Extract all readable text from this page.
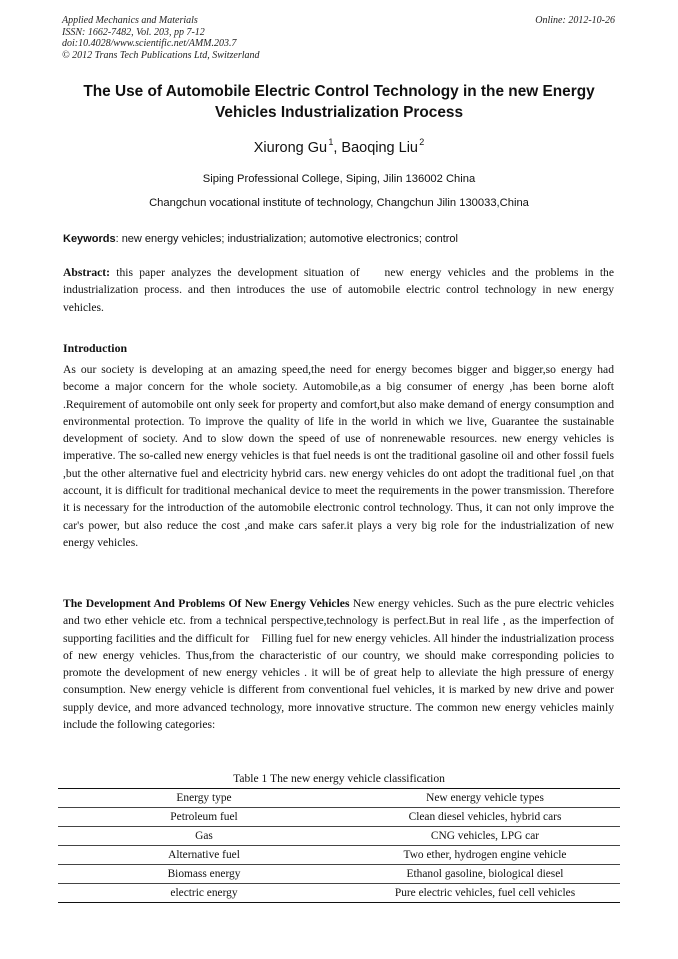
Applied Mechanics and Materials
ISSN: 1662-7482, Vol. 203, pp 7-12
doi:10.4028/www.scientific.net/AMM.203.7
© 2012 Trans Tech Publications Ltd, Switzerland
Online: 2012-10-26
The Use of Automobile Electric Control Technology in the new Energy
Vehicles Industrialization Process
Xiurong Gu $^1$, Baoqing Liu $^2$
Siping Professional College, Siping, Jilin 136002 China
Changchun vocational institute of technology, Changchun Jilin 130033,China
Keywords: new energy vehicles; industrialization; automotive electronics; control
Abstract: this paper analyzes the development situation of    new energy vehicles and the problems in the industrialization process. and then introduces the use of automobile electric control technology in new energy vehicles.
Introduction
As our society is developing at an amazing speed,the need for energy becomes bigger and bigger,so energy had become a major concern for the whole society. Automobile,as a big consumer of energy ,has been borne aloft .Requirement of automobile ont only seek for property and comfort,but also make demand of energy consumption and environmental protection. To improve the quality of life in the world in which we live, Guarantee the sustainable development of society. And to slow down the speed of use of nonrenewable resources. new energy vehicles is imperative. The so-called new energy vehicles is that fuel needs is ont the traditional gasoline oil and other fossil fuels ,but the other alternative fuel and electricity hybrid cars. new energy vehicles do ont adopt the traditional fuel ,on that account, it is difficult for traditional mechanical device to meet the requirements in the power transmission. Therefore it is necessary for the introduction of the automobile electronic control technology. Thus, it can not only improve the car's power, but also reduce the cost ,and make cars safer.it plays a very big role for the industrialization of new energy vehicles.
The Development And Problems Of New Energy Vehicles New energy vehicles. Such as the pure electric vehicles and two ether vehicle etc. from a technical perspective,technology is perfect.But in real life , as the imperfection of supporting facilities and the difficult for    Filling fuel for new energy vehicles. All hinder the industrialization process of new energy vehicles. Thus,from the characteristic of our country, we should make corresponding policies to promote the development of new energy vehicles . it will be of great help to alleviate the high pressure of energy consumption. New energy vehicle is different from conventional fuel vehicles, it is marked by new drive and power supply device, and more advanced technology, more innovative structure. The common new energy vehicles mainly include the following categories:
Table 1 The new energy vehicle classification
Energy type	New energy vehicle types
Petroleum fuel	Clean diesel vehicles, hybrid cars
Gas	CNG vehicles, LPG car
Alternative fuel	Two ether, hydrogen engine vehicle
Biomass energy	Ethanol gasoline, biological diesel
electric energy	Pure electric vehicles, fuel cell vehicles
